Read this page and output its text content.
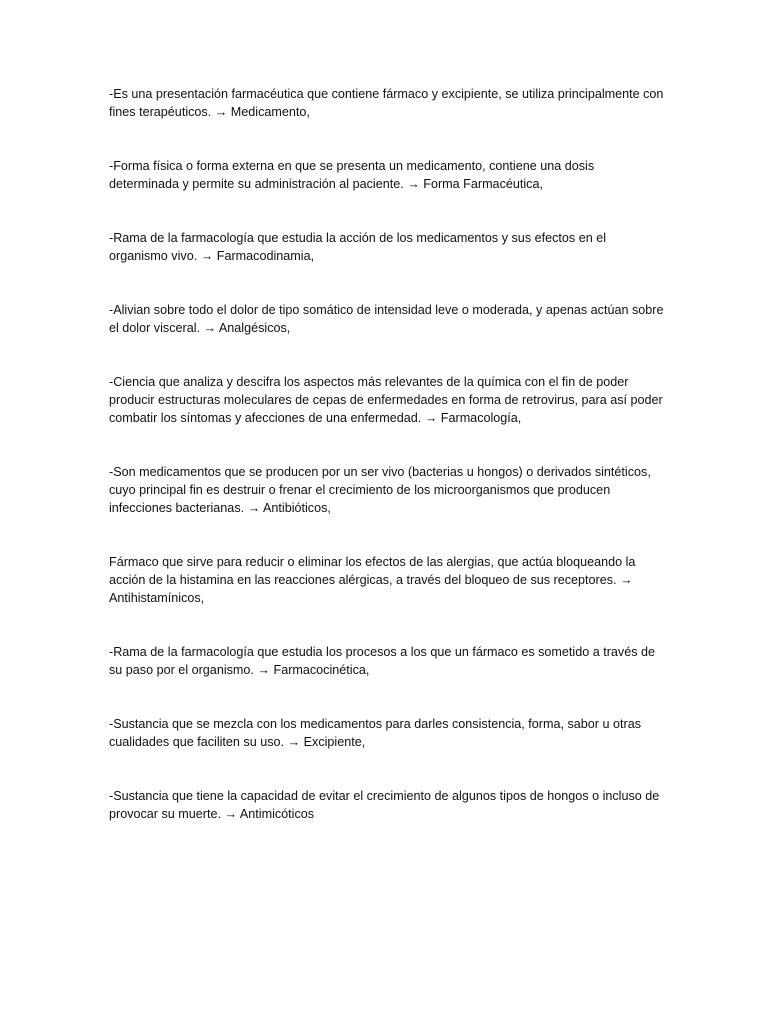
-Es una presentación farmacéutica que contiene fármaco y excipiente, se utiliza principalmente con fines terapéuticos. → Medicamento,

-Forma física o forma externa en que se presenta un medicamento, contiene una dosis determinada y permite su administración al paciente. → Forma Farmacéutica,

-Rama de la farmacología que estudia la acción de los medicamentos y sus efectos en el organismo vivo. → Farmacodinamia,

-Alivian sobre todo el dolor de tipo somático de intensidad leve o moderada, y apenas actúan sobre el dolor visceral. → Analgésicos,

-Ciencia que analiza y descifra los aspectos más relevantes de la química con el fin de poder producir estructuras moleculares de cepas de enfermedades en forma de retrovirus, para así poder combatir los síntomas y afecciones de una enfermedad. → Farmacología,

-Son medicamentos que se producen por un ser vivo (bacterias u hongos) o derivados sintéticos, cuyo principal fin es destruir o frenar el crecimiento de los microorganismos que producen infecciones bacterianas. → Antibióticos,

Fármaco que sirve para reducir o eliminar los efectos de las alergias, que actúa bloqueando la acción de la histamina en las reacciones alérgicas, a través del bloqueo de sus receptores. → Antihistamínicos,

-Rama de la farmacología que estudia los procesos a los que un fármaco es sometido a través de su paso por el organismo. → Farmacocinética,

-Sustancia que se mezcla con los medicamentos para darles consistencia, forma, sabor u otras cualidades que faciliten su uso. → Excipiente,

-Sustancia que tiene la capacidad de evitar el crecimiento de algunos tipos de hongos o incluso de provocar su muerte. → Antimicóticos
